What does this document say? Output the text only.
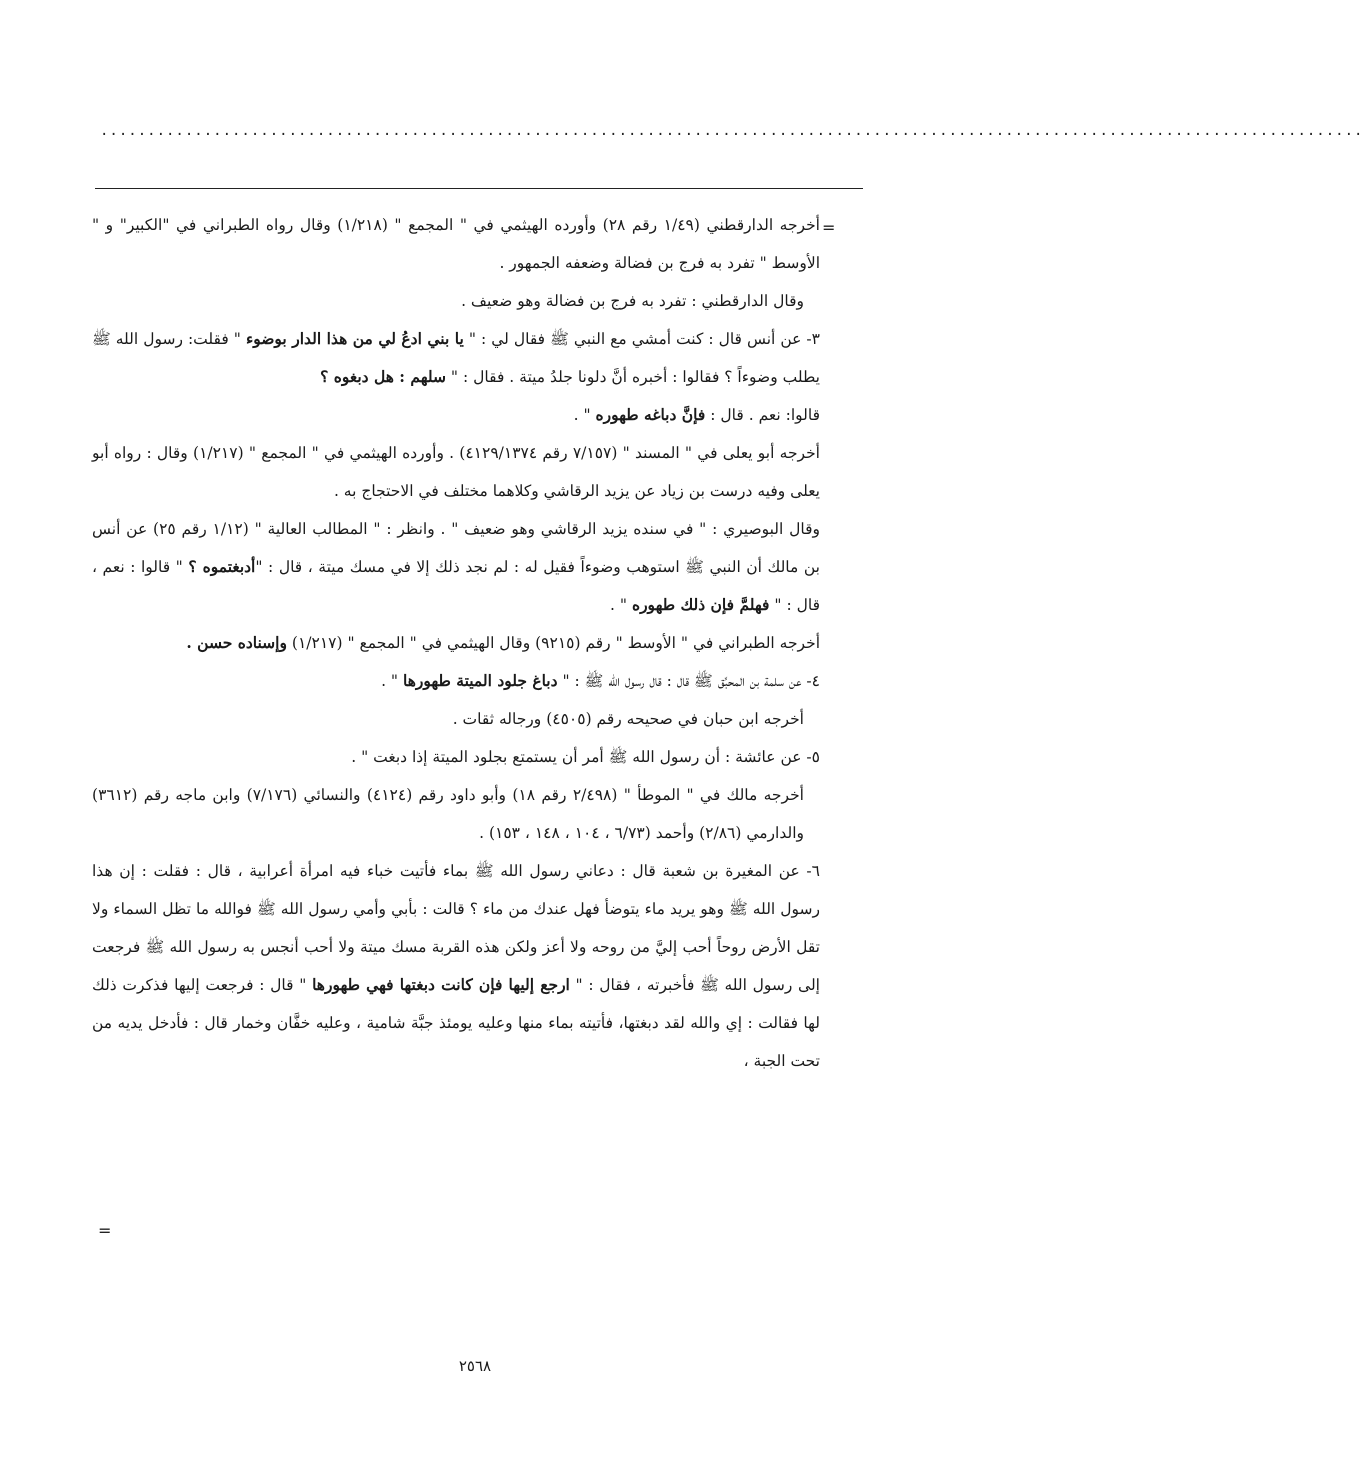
......................................................................................................................................
=

أخرجه الدارقطني (١/٤٩ رقم ٢٨) وأورده الهيثمي في " المجمع " (١/٢١٨) وقال رواه الطبراني في "الكبير" و " الأوسط " تفرد به فرج بن فضالة وضعفه الجمهور .

وقال الدارقطني : تفرد به فرج بن فضالة وهو ضعيف .

٣- عن أنس قال : كنت أمشي مع النبي ﷺ فقال لي : " يا بني ادعُ لي من هذا الدار بوضوء " فقلت: رسول الله ﷺ يطلب وضوءاً ؟ فقالوا : أخبره أنَّ دلونا جلدُ ميتة . فقال : " سلهم : هل دبغوه ؟
قالوا: نعم . قال : فإنَّ دباغه طهوره " .

أخرجه أبو يعلى في " المسند " (٧/١٥٧ رقم ٤١٢٩/١٣٧٤) . وأورده الهيثمي في " المجمع " (١/٢١٧) وقال : رواه أبو يعلى وفيه درست بن زياد عن يزيد الرقاشي وكلاهما مختلف في الاحتجاج به .

وقال البوصيري : " في سنده يزيد الرقاشي وهو ضعيف " . وانظر : " المطالب العالية " (١/١٢ رقم ٢٥) عن أنس بن مالك أن النبي ﷺ استوهب وضوءاً فقيل له : لم نجد ذلك إلا في مسك ميتة ، قال : "أدبغتموه ؟ " قالوا : نعم ، قال : " فهلمَّ فإن ذلك طهوره " .

أخرجه الطبراني في " الأوسط " رقم (٩٢١٥) وقال الهيثمي في " المجمع " (١/٢١٧) وإسناده حسن .

٤- عن سلمة بن المحبِّق ﷺ قال : قال رسول الله ﷺ : " دباغ جلود الميتة طهورها " .

أخرجه ابن حبان في صحيحه رقم (٤٥٠٥) ورجاله ثقات .

٥- عن عائشة : أن رسول الله ﷺ أمر أن يستمتع بجلود الميتة إذا دبغت " .

أخرجه مالك في " الموطأ " (٢/٤٩٨ رقم ١٨) وأبو داود رقم (٤١٢٤) والنسائي (٧/١٧٦) وابن ماجه رقم (٣٦١٢) والدارمي (٢/٨٦) وأحمد (٦/٧٣ ، ١٠٤ ، ١٤٨ ، ١٥٣) .

٦- عن المغيرة بن شعبة قال : دعاني رسول الله ﷺ بماء فأتيت خباء فيه امرأة أعرابية ، قال : فقلت : إن هذا رسول الله ﷺ وهو يريد ماء يتوضأ فهل عندك من ماء ؟ قالت : بأبي وأمي رسول الله ﷺ فوالله ما تظل السماء ولا تقل الأرض روحاً أحب إليَّ من روحه ولا أعز ولكن هذه القربة مسك ميتة ولا أحب أنجس به رسول الله ﷺ فرجعت إلى رسول الله ﷺ فأخبرته ، فقال : " ارجع إليها فإن كانت دبغتها فهي طهورها " قال : فرجعت إليها فذكرت ذلك لها فقالت : إي والله لقد دبغتها، فأتيته بماء منها وعليه يومئذ جبَّة شامية ، وعليه خفَّان وخمار قال : فأدخل يديه من تحت الجبة ،

=
٢٥٦٨
